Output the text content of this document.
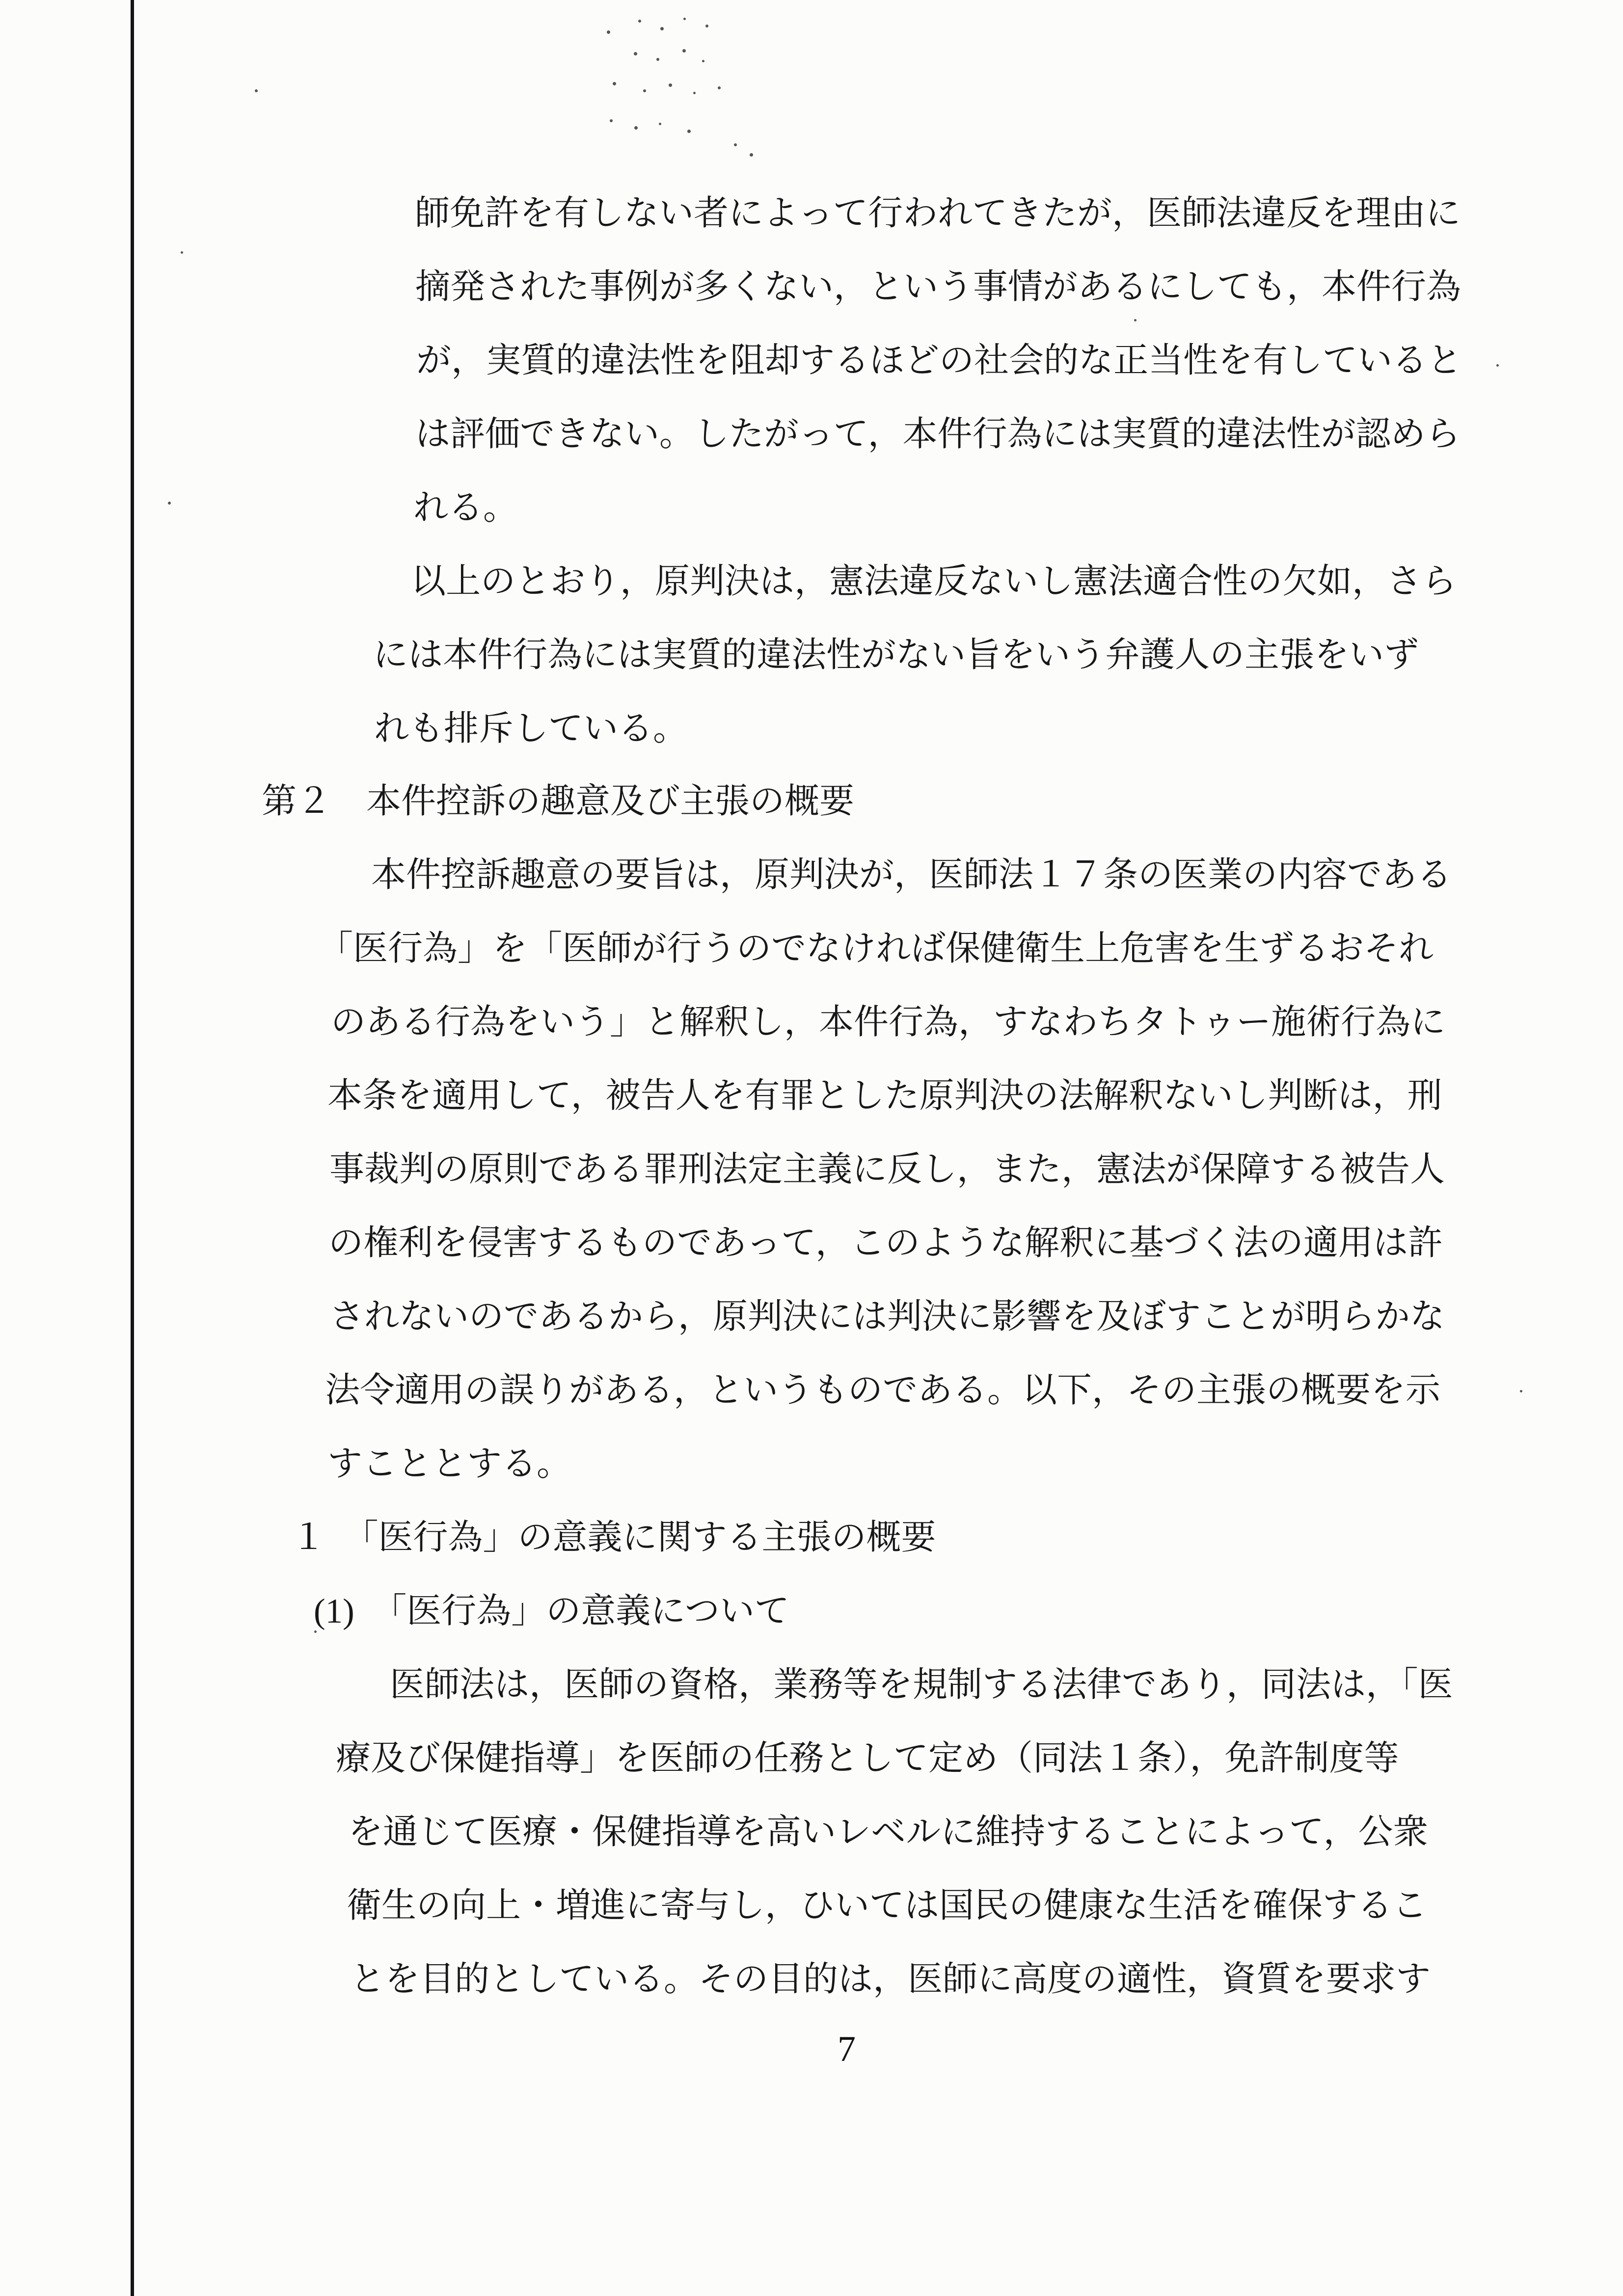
師免許を有しない者によって行われてきたが，医師法違反を理由に
摘発された事例が多くない，という事情があるにしても，本件行為
が，実質的違法性を阻却するほどの社会的な正当性を有していると
は評価できない。したがって，本件行為には実質的違法性が認めら
れる。
以上のとおり，原判決は，憲法違反ないし憲法適合性の欠如，さら
には本件行為には実質的違法性がない旨をいう弁護人の主張をいず
れも排斥している。
第２　本件控訴の趣意及び主張の概要
本件控訴趣意の要旨は，原判決が，医師法１７条の医業の内容である
「医行為」を「医師が行うのでなければ保健衛生上危害を生ずるおそれ
のある行為をいう」と解釈し，本件行為，すなわちタトゥー施術行為に
本条を適用して，被告人を有罪とした原判決の法解釈ないし判断は，刑
事裁判の原則である罪刑法定主義に反し，また，憲法が保障する被告人
の権利を侵害するものであって，このような解釈に基づく法の適用は許
されないのであるから，原判決には判決に影響を及ぼすことが明らかな
法令適用の誤りがある，というものである。以下，その主張の概要を示
すこととする。
１　「医行為」の意義に関する主張の概要
(1)　「医行為」の意義について
医師法は，医師の資格，業務等を規制する法律であり，同法は，「医
療及び保健指導」を医師の任務として定め（同法１条），免許制度等
を通じて医療・保健指導を高いレベルに維持することによって，公衆
衛生の向上・増進に寄与し，ひいては国民の健康な生活を確保するこ
とを目的としている。その目的は，医師に高度の適性，資質を要求す
7
